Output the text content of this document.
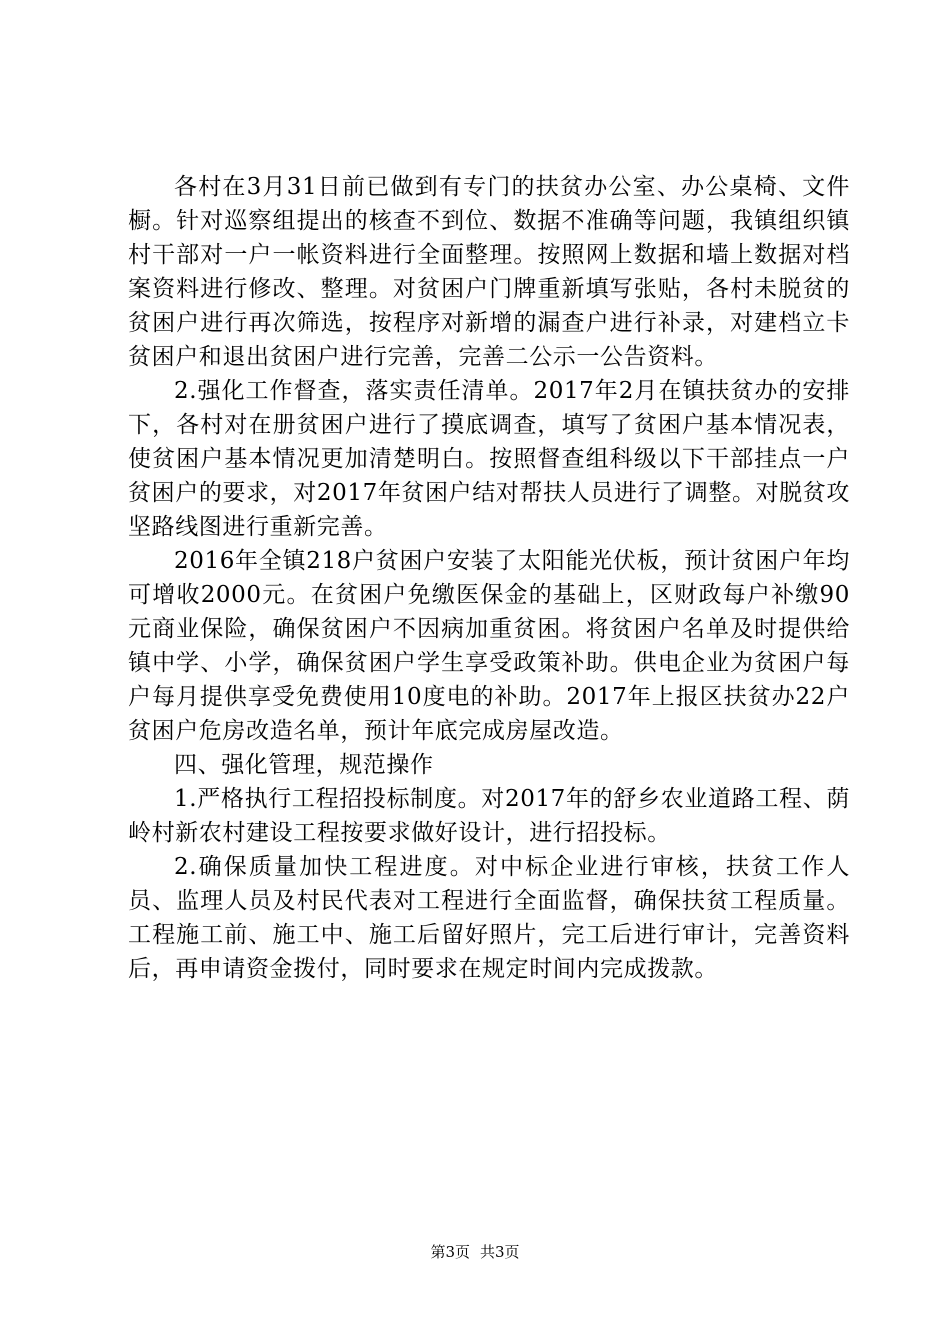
各村在3月31日前已做到有专门的扶贫办公室、办公桌椅、文件橱。针对巡察组提出的核查不到位、数据不准确等问题，我镇组织镇村干部对一户一帐资料进行全面整理。按照网上数据和墙上数据对档案资料进行修改、整理。对贫困户门牌重新填写张贴，各村未脱贫的贫困户进行再次筛选，按程序对新增的漏查户进行补录，对建档立卡贫困户和退出贫困户进行完善，完善二公示一公告资料。

2.强化工作督查，落实责任清单。2017年2月在镇扶贫办的安排下，各村对在册贫困户进行了摸底调查，填写了贫困户基本情况表，使贫困户基本情况更加清楚明白。按照督查组科级以下干部挂点一户贫困户的要求，对2017年贫困户结对帮扶人员进行了调整。对脱贫攻坚路线图进行重新完善。

2016年全镇218户贫困户安装了太阳能光伏板，预计贫困户年均可增收2000元。在贫困户免缴医保金的基础上，区财政每户补缴90元商业保险，确保贫困户不因病加重贫困。将贫困户名单及时提供给镇中学、小学，确保贫困户学生享受政策补助。供电企业为贫困户每户每月提供享受免费使用10度电的补助。2017年上报区扶贫办22户贫困户危房改造名单，预计年底完成房屋改造。

四、强化管理，规范操作

1.严格执行工程招投标制度。对2017年的舒乡农业道路工程、荫岭村新农村建设工程按要求做好设计，进行招投标。

2.确保质量加快工程进度。对中标企业进行审核，扶贫工作人员、监理人员及村民代表对工程进行全面监督，确保扶贫工程质量。工程施工前、施工中、施工后留好照片，完工后进行审计，完善资料后，再申请资金拨付，同时要求在规定时间内完成拨款。

第3页 共3页
